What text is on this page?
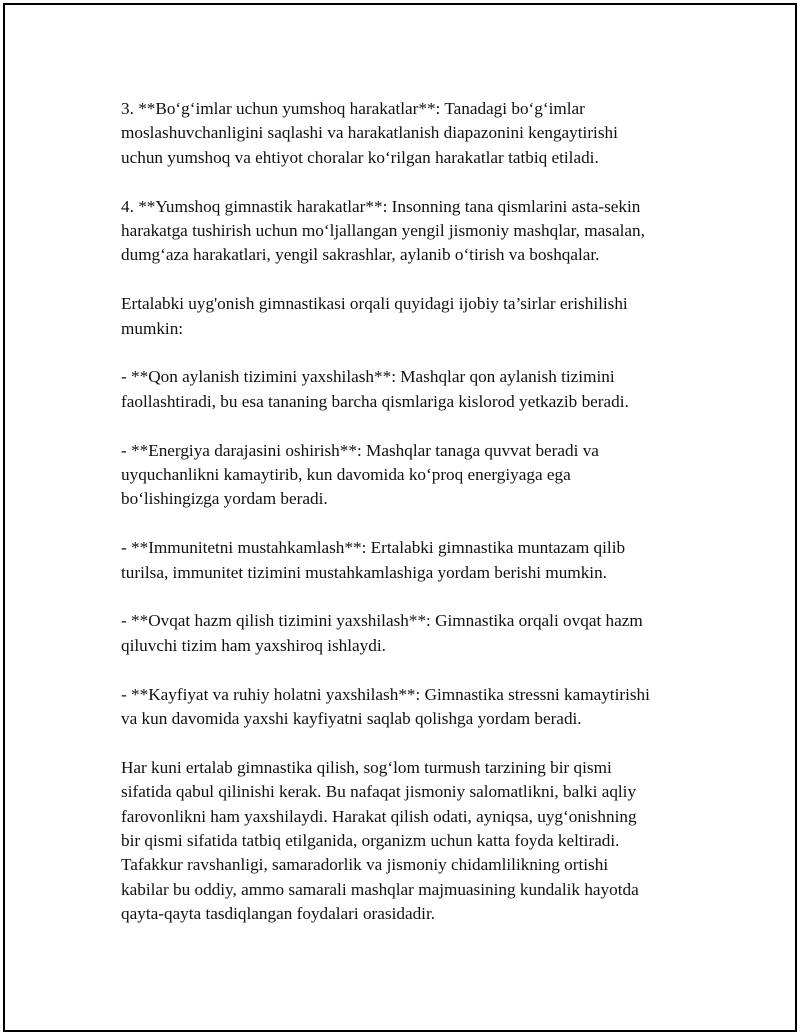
3. **Bo‘g‘imlar uchun yumshoq harakatlar**: Tanadagi bo‘g‘imlar
moslashuvchanligini saqlashi va harakatlanish diapazonini kengaytirishi
uchun yumshoq va ehtiyot choralar ko‘rilgan harakatlar tatbiq etiladi.

4. **Yumshoq gimnastik harakatlar**: Insonning tana qismlarini asta-sekin
harakatga tushirish uchun mo‘ljallangan yengil jismoniy mashqlar, masalan,
dumg‘aza harakatlari, yengil sakrashlar, aylanib o‘tirish va boshqalar.

Ertalabki uyg'onish gimnastikasi orqali quyidagi ijobiy ta’sirlar erishilishi
mumkin:

- **Qon aylanish tizimini yaxshilash**: Mashqlar qon aylanish tizimini
faollashtiradi, bu esa tananing barcha qismlariga kislorod yetkazib beradi.

- **Energiya darajasini oshirish**: Mashqlar tanaga quvvat beradi va
uyquchanlikni kamaytirib, kun davomida ko‘proq energiyaga ega
bo‘lishingizga yordam beradi.

- **Immunitetni mustahkamlash**: Ertalabki gimnastika muntazam qilib
turilsa, immunitet tizimini mustahkamlashiga yordam berishi mumkin.

- **Ovqat hazm qilish tizimini yaxshilash**: Gimnastika orqali ovqat hazm
qiluvchi tizim ham yaxshiroq ishlaydi.

- **Kayfiyat va ruhiy holatni yaxshilash**: Gimnastika stressni kamaytirishi
va kun davomida yaxshi kayfiyatni saqlab qolishga yordam beradi.

Har kuni ertalab gimnastika qilish, sog‘lom turmush tarzining bir qismi
sifatida qabul qilinishi kerak. Bu nafaqat jismoniy salomatlikni, balki aqliy
farovonlikni ham yaxshilaydi. Harakat qilish odati, ayniqsa, uyg‘onishning
bir qismi sifatida tatbiq etilganida, organizm uchun katta foyda keltiradi.
Tafakkur ravshanligi, samaradorlik va jismoniy chidamlilikning ortishi
kabilar bu oddiy, ammo samarali mashqlar majmuasining kundalik hayotda
qayta-qayta tasdiqlangan foydalari orasidadir.
